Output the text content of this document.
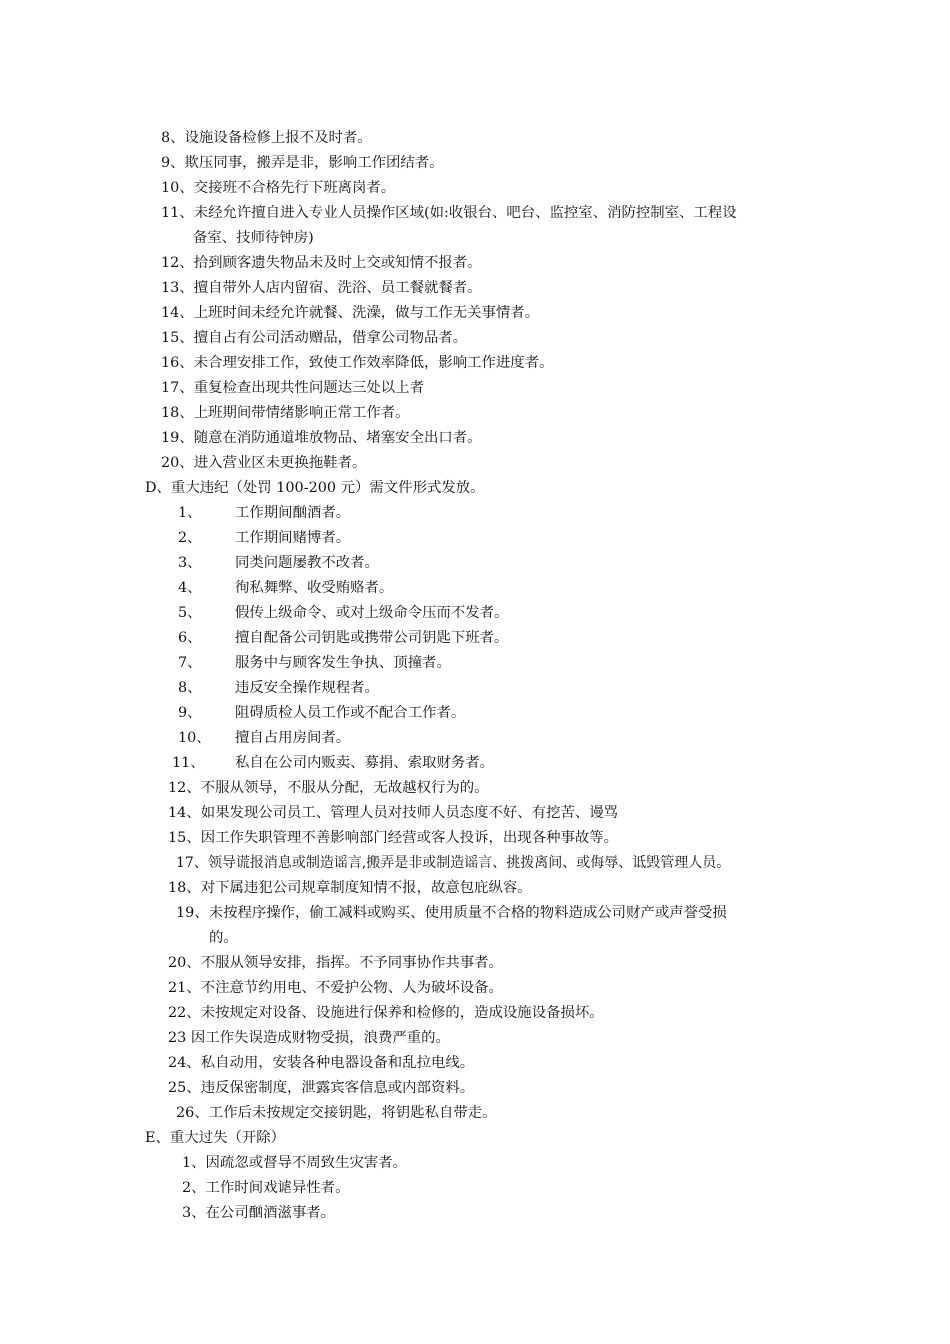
8、设施设备检修上报不及时者。

9、欺压同事，搬弄是非，影响工作团结者。

10、交接班不合格先行下班离岗者。

11、未经允许擅自进入专业人员操作区域(如:收银台、吧台、监控室、消防控制室、工程设

备室、技师待钟房)

12、拾到顾客遗失物品未及时上交或知情不报者。

13、擅自带外人店内留宿、洗浴、员工餐就餐者。

14、上班时间未经允许就餐、洗澡，做与工作无关事情者。

15、擅自占有公司活动赠品，借拿公司物品者。

16、未合理安排工作，致使工作效率降低，影响工作进度者。

17、重复检查出现共性问题达三处以上者

18、上班期间带情绪影响正常工作者。

19、随意在消防通道堆放物品、堵塞安全出口者。

20、进入营业区未更换拖鞋者。

D、重大违纪（处罚 100-200 元）需文件形式发放。

1、 工作期间酗酒者。

2、 工作期间赌博者。

3、 同类问题屡教不改者。

4、 徇私舞弊、收受贿赂者。

5、 假传上级命令、或对上级命令压而不发者。

6、 擅自配备公司钥匙或携带公司钥匙下班者。

7、 服务中与顾客发生争执、顶撞者。

8、 违反安全操作规程者。

9、 阻碍质检人员工作或不配合工作者。

10、 擅自占用房间者。

11、 私自在公司内贩卖、募捐、索取财务者。

12、不服从领导，不服从分配，无故越权行为的。

14、如果发现公司员工、管理人员对技师人员态度不好、有挖苦、谩骂

15、因工作失职管理不善影响部门经营或客人投诉，出现各种事故等。

17、领导谎报消息或制造谣言,搬弄是非或制造谣言、挑拨离间、或侮辱、诋毁管理人员。

18、对下属违犯公司规章制度知情不报，故意包庇纵容。

19、未按程序操作，偷工减料或购买、使用质量不合格的物料造成公司财产或声誉受损

的。

20、不服从领导安排，指挥。不予同事协作共事者。

21、不注意节约用电、不爱护公物、人为破坏设备。

22、未按规定对设备、设施进行保养和检修的，造成设施设备损坏。

23 因工作失误造成财物受损，浪费严重的。

24、私自动用，安装各种电器设备和乱拉电线。

25、违反保密制度，泄露宾客信息或内部资料。

26、工作后未按规定交接钥匙，将钥匙私自带走。

E、重大过失（开除）

1、因疏忽或督导不周致生灾害者。

2、工作时间戏谑异性者。

3、在公司酗酒滋事者。
